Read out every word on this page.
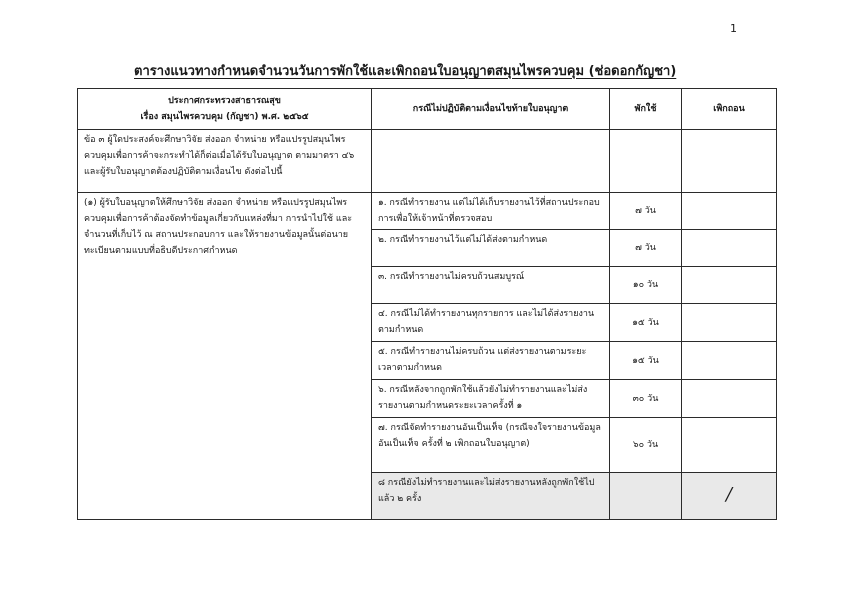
1
ตารางแนวทางกำหนดจำนวนวันการพักใช้และเพิกถอนใบอนุญาตสมุนไพรควบคุม (ช่อดอกกัญชา)
ประกาศกระทรวงสาธารณสุข
เรื่อง สมุนไพรควบคุม (กัญชา) พ.ศ. ๒๕๖๕	กรณีไม่ปฏิบัติตามเงื่อนไขท้ายใบอนุญาต	พักใช้	เพิกถอน
ข้อ ๓ ผู้ใดประสงค์จะศึกษาวิจัย ส่งออก จำหน่าย หรือแปรรูปสมุนไพรควบคุมเพื่อการค้าจะกระทำได้ก็ต่อเมื่อได้รับใบอนุญาต ตามมาตรา ๔๖ และผู้รับใบอนุญาตต้องปฏิบัติตามเงื่อนไข ดังต่อไปนี้			
(๑) ผู้รับใบอนุญาตให้ศึกษาวิจัย ส่งออก จำหน่าย หรือแปรรูปสมุนไพรควบคุมเพื่อการค้าต้องจัดทำข้อมูลเกี่ยวกับแหล่งที่มา การนำไปใช้ และจำนวนที่เก็บไว้ ณ สถานประกอบการ และให้รายงานข้อมูลนั้นต่อนายทะเบียนตามแบบที่อธิบดีประกาศกำหนด	๑. กรณีทำรายงาน แต่ไม่ได้เก็บรายงานไว้ที่สถานประกอบการเพื่อให้เจ้าหน้าที่ตรวจสอบ	๗ วัน	
	๒. กรณีทำรายงานไว้แต่ไม่ได้ส่งตามกำหนด	๗ วัน	
	๓. กรณีทำรายงานไม่ครบถ้วนสมบูรณ์	๑๐ วัน	
	๔. กรณีไม่ได้ทำรายงานทุกรายการ และไม่ได้ส่งรายงานตามกำหนด	๑๕ วัน	
	๕. กรณีทำรายงานไม่ครบถ้วน แต่ส่งรายงานตามระยะเวลาตามกำหนด	๑๕ วัน	
	๖. กรณีหลังจากถูกพักใช้แล้วยังไม่ทำรายงานและไม่ส่งรายงานตามกำหนดระยะเวลาครั้งที่ ๑	๓๐ วัน	
	๗. กรณีจัดทำรายงานอันเป็นเท็จ (กรณีจงใจรายงานข้อมูลอันเป็นเท็จ ครั้งที่ ๒ เพิกถอนใบอนุญาต)	๖๐ วัน	
	๘ กรณียังไม่ทำรายงานและไม่ส่งรายงานหลังถูกพักใช้ไปแล้ว ๒ ครั้ง		/
